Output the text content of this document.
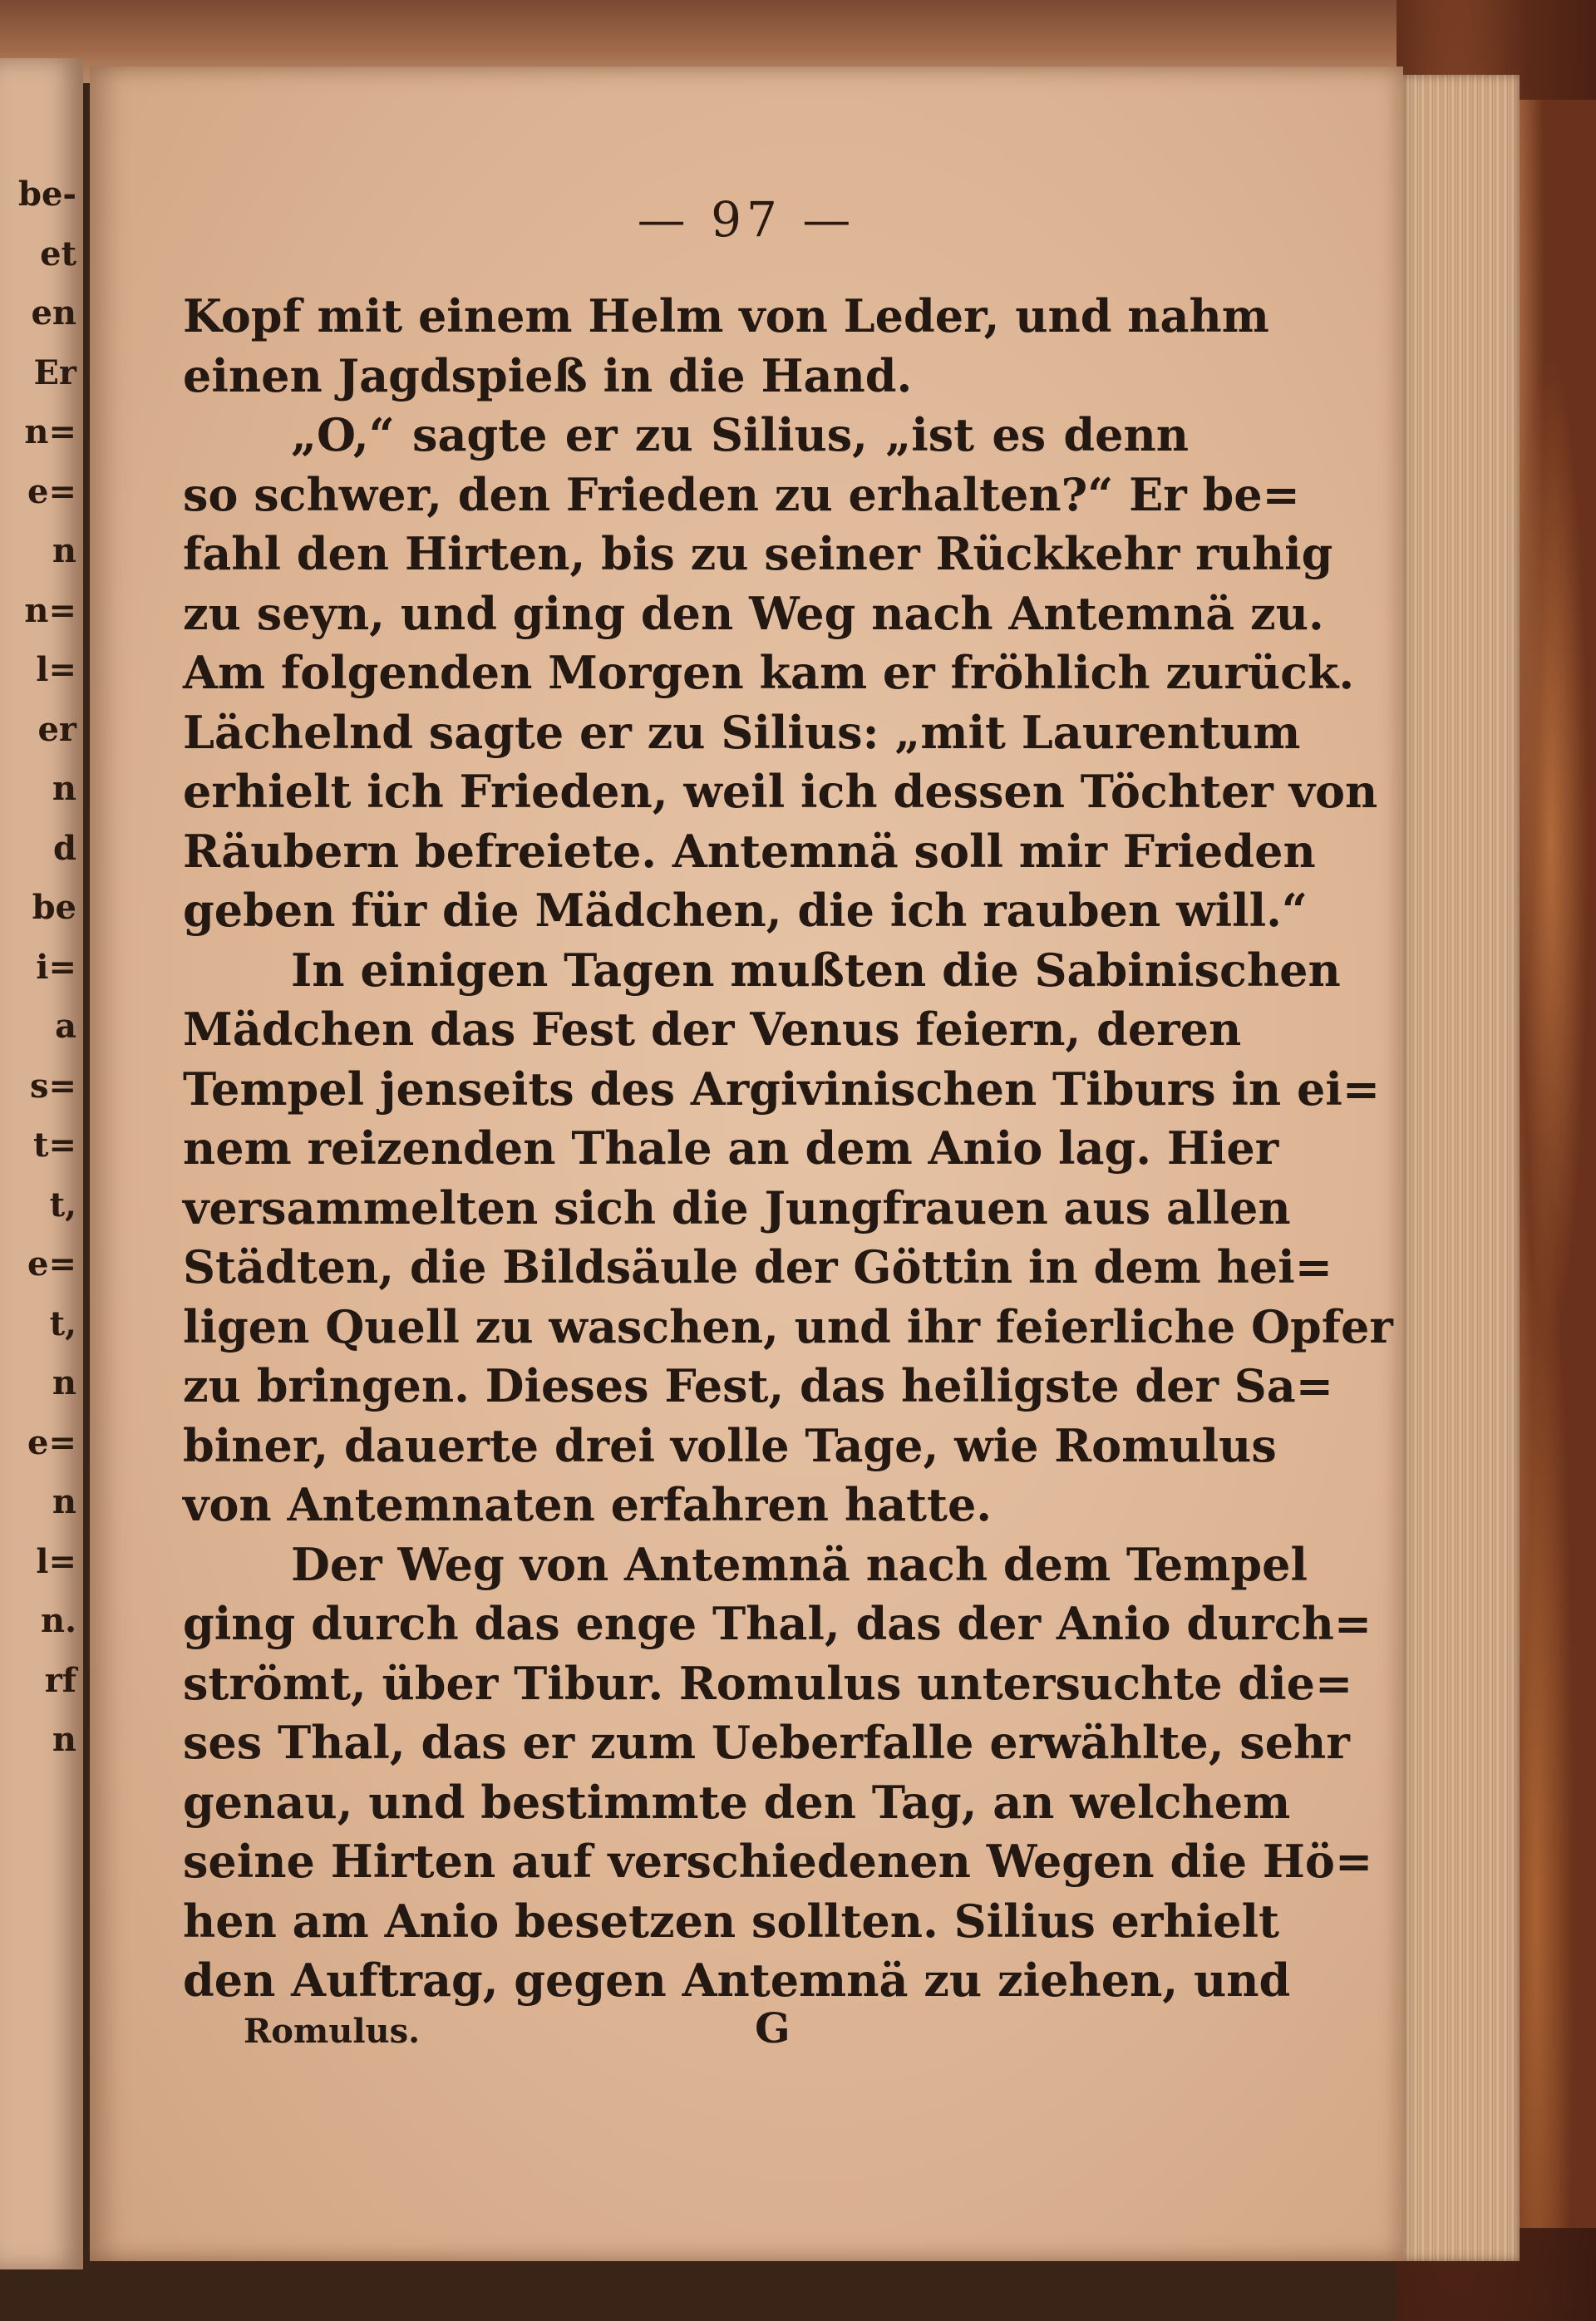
be-
et
en
Er
n=
e=
n
n=
l=
er
n
d
be
i=
a
s=
t=
t,
e=
t,
n
e=
n
l=
n.
rf
n
— 97 —
Kopf mit einem Helm von Leder, und nahm
einen Jagdspieß in die Hand.
„O,“ sagte er zu Silius, „ist es denn
so schwer, den Frieden zu erhalten?“ Er be=
fahl den Hirten, bis zu seiner Rückkehr ruhig
zu seyn, und ging den Weg nach Antemnä zu.
Am folgenden Morgen kam er fröhlich zurück.
Lächelnd sagte er zu Silius: „mit Laurentum
erhielt ich Frieden, weil ich dessen Töchter von
Räubern befreiete. Antemnä soll mir Frieden
geben für die Mädchen, die ich rauben will.“
In einigen Tagen mußten die Sabinischen
Mädchen das Fest der Venus feiern, deren
Tempel jenseits des Argivinischen Tiburs in ei=
nem reizenden Thale an dem Anio lag. Hier
versammelten sich die Jungfrauen aus allen
Städten, die Bildsäule der Göttin in dem hei=
ligen Quell zu waschen, und ihr feierliche Opfer
zu bringen. Dieses Fest, das heiligste der Sa=
biner, dauerte drei volle Tage, wie Romulus
von Antemnaten erfahren hatte.
Der Weg von Antemnä nach dem Tempel
ging durch das enge Thal, das der Anio durch=
strömt, über Tibur. Romulus untersuchte die=
ses Thal, das er zum Ueberfalle erwählte, sehr
genau, und bestimmte den Tag, an welchem
seine Hirten auf verschiedenen Wegen die Hö=
hen am Anio besetzen sollten. Silius erhielt
den Auftrag, gegen Antemnä zu ziehen, und
Romulus.	G
